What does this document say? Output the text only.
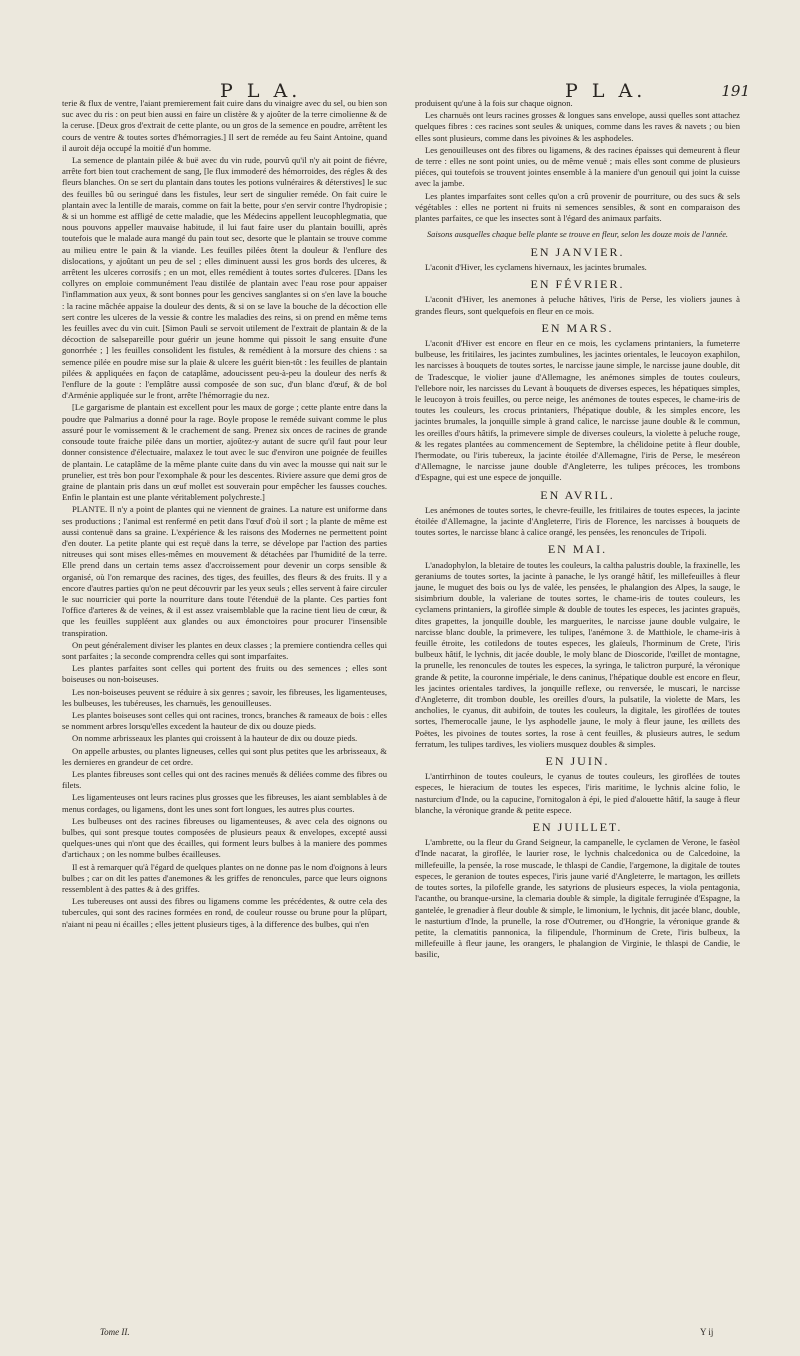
P L A.	P L A.	191

terie & flux de ventre, l'aiant premierement fait cuire dans du vinaigre avec du sel, ou bien son suc avec du ris : on peut bien aussi en faire un clistère & y ajoûter de la terre cimolienne & de la ceruse. [Deux gros d'extrait de cette plante, ou un gros de la semence en poudre, arrêtent les cours de ventre & toutes sortes d'hémorragies.] Il sert de reméde au feu Saint Antoine, quand il auroit déja occupé la moitié d'un homme.

La semence de plantain pilée & buë avec du vin rude, pourvû qu'il n'y ait point de fiévre, arrête fort bien tout crachement de sang, [le flux immoderé des hémorroides, des régles & des fleurs blanches. On se sert du plantain dans toutes les potions vulnéraires & déterstives] le suc des feuilles bû ou seringué dans les fistules, leur sert de singulier reméde. On fait cuire le plantain avec la lentille de marais, comme on fait la bette, pour s'en servir contre l'hydropisie ; & si un homme est affligé de cette maladie, que les Médecins appellent leucophlegmatia, que nous pouvons appeller mauvaise habitude, il lui faut faire user du plantain bouilli, après toutefois que le malade aura mangé du pain tout sec, desorte que le plantain se trouve comme au milieu entre le pain & la viande. Les feuilles pilées ôtent la douleur & l'enflure des dislocations, y ajoûtant un peu de sel ; elles diminuent aussi les gros bords des ulceres, & arrêtent les ulceres corrosifs ; en un mot, elles remédient à toutes sortes d'ulceres. [Dans les collyres on emploie communément l'eau distilée de plantain avec l'eau rose pour appaiser l'inflammation aux yeux, & sont bonnes pour les gencives sanglantes si on s'en lave la bouche : la racine mâchée appaise la douleur des dents, & si on se lave la bouche de la décoction elle sert contre les ulceres de la vessie & contre les maladies des reins, si on prend en même tems les feuilles avec du vin cuit. [Simon Pauli se servoit utilement de l'extrait de plantain & de la décoction de salsepareille pour guérir un jeune homme qui pissoit le sang ensuite d'une gonorrhée ; ] les feuilles consolident les fistules, & remédient à la morsure des chiens : sa semence pilée en poudre mise sur la plaie & ulcere les guérit bien-tôt : les feuilles de plantain pilées & appliquées en façon de cataplâme, adoucissent peu-à-peu la douleur des nerfs & l'enflure de la goute : l'emplâtre aussi composée de son suc, d'un blanc d'œuf, & de bol d'Arménie appliquée sur le front, arrête l'hémorragie du nez.

[Le gargarisme de plantain est excellent pour les maux de gorge ; cette plante entre dans la poudre que Palmarius a donné pour la rage. Boyle propose le reméde suivant comme le plus assuré pour le vomissement & le crachement de sang. Prenez six onces de racines de grande consoude toute fraiche pilée dans un mortier, ajoûtez-y autant de sucre qu'il faut pour leur donner consistence d'électuaire, malaxez le tout avec le suc d'environ une poignée de feuilles de plantain. Le cataplâme de la même plante cuite dans du vin avec la mousse qui nait sur le prunelier, est très bon pour l'exomphale & pour les descentes. Riviere assure que demi gros de graine de plantain pris dans un œuf mollet est souverain pour empêcher les fausses couches. Enfin le plantain est une plante véritablement polychreste.]

PLANTE. Il n'y a point de plantes qui ne viennent de graines. La nature est uniforme dans ses productions ; l'animal est renfermé en petit dans l'œuf d'où il sort ; la plante de même est aussi contenuë dans sa graine. L'expérience & les raisons des Modernes ne permettent point d'en douter. La petite plante qui est reçuë dans la terre, se dévelope par l'action des parties nitreuses qui sont mises elles-mêmes en mouvement & détachées par l'humidité de la terre. Elle prend dans un certain tems assez d'accroissement pour devenir un corps sensible & organisé, où l'on remarque des racines, des tiges, des feuilles, des fleurs & des fruits. Il y a encore d'autres parties qu'on ne peut découvrir par les yeux seuls ; elles servent à faire circuler le suc nourricier qui porte la nourriture dans toute l'étenduë de la plante. Ces parties font l'office d'arteres & de veines, & il est assez vraisemblable que la racine tient lieu de cœur, & que les feuilles suppléent aux glandes ou aux émonctoires pour procurer l'insensible transpiration.

On peut généralement diviser les plantes en deux classes ; la premiere contiendra celles qui sont parfaites ; la seconde comprendra celles qui sont imparfaites.

Les plantes parfaites sont celles qui portent des fruits ou des semences ; elles sont boiseuses ou non-boiseuses.

Les non-boiseuses peuvent se réduire à six genres ; savoir, les fibreuses, les ligamenteuses, les bulbeuses, les tubéreuses, les charnuës, les genouilleuses.

Les plantes boiseuses sont celles qui ont racines, troncs, branches & rameaux de bois : elles se nomment arbres lorsqu'elles excedent la hauteur de dix ou douze pieds.

On nomme arbrisseaux les plantes qui croissent à la hauteur de dix ou douze pieds.

On appelle arbustes, ou plantes ligneuses, celles qui sont plus petites que les arbrisseaux, & les dernieres en grandeur de cet ordre.

Les plantes fibreuses sont celles qui ont des racines menuës & déliées comme des fibres ou filets.

Les ligamenteuses ont leurs racines plus grosses que les fibreuses, les aiant semblables à de menus cordages, ou ligamens, dont les unes sont fort longues, les autres plus courtes.

Les bulbeuses ont des racines fibreuses ou ligamenteuses, & avec cela des oignons ou bulbes, qui sont presque toutes composées de plusieurs peaux & envelopes, excepté aussi quelques-unes qui n'ont que des écailles, qui forment leurs bulbes à la maniere des pommes d'artichaux ; on les nomme bulbes écailleuses.

Il est à remarquer qu'à l'égard de quelques plantes on ne donne pas le nom d'oignons à leurs bulbes ; car on dit les pattes d'anemones & les griffes de renoncules, parce que leurs oignons ressemblent à des pattes & à des griffes.

Les tubereuses ont aussi des fibres ou ligamens comme les précédentes, & outre cela des tubercules, qui sont des racines formées en rond, de couleur rousse ou brune pour la plûpart, n'aiant ni peau ni écailles ; elles jettent plusieurs tiges, à la difference des bulbes, qui n'en

produisent qu'une à la fois sur chaque oignon.

Les charnuës ont leurs racines grosses & longues sans envelope, aussi quelles sont attachez quelques fibres : ces racines sont seules & uniques, comme dans les raves & navets ; ou bien elles sont plusieurs, comme dans les pivoines & les asphodeles.

Les genouilleuses ont des fibres ou ligamens, & des racines épaisses qui demeurent à fleur de terre : elles ne sont point unies, ou de même venuë ; mais elles sont comme de plusieurs piéces, qui toutefois se trouvent jointes ensemble à la maniere d'un genouil qui joint la cuisse avec la jambe.

Les plantes imparfaites sont celles qu'on a crû provenir de pourriture, ou des sucs & sels végétables : elles ne portent ni fruits ni semences sensibles, & sont en comparaison des plantes parfaites, ce que les insectes sont à l'égard des animaux parfaits.

Saisons ausquelles chaque belle plante se trouve en fleur, selon les douze mois de l'année.
EN JANVIER.

L'aconit d'Hiver, les cyclamens hivernaux, les jacintes brumales.

EN FÉVRIER.

L'aconit d'Hiver, les anemones à peluche hâtives, l'iris de Perse, les violiers jaunes à grandes fleurs, sont quelquefois en fleur en ce mois.

EN MARS.

L'aconit d'Hiver est encore en fleur en ce mois, les cyclamens printaniers, la fumeterre bulbeuse, les fritilaires, les jacintes zumbulines, les jacintes orientales, le leucoyon exaphilon, les narcisses à bouquets de toutes sortes, le narcisse jaune simple, le narcisse jaune double, dit de Tradescque, le violier jaune d'Allemagne, les anémones simples de toutes couleurs, l'ellebore noir, les narcisses du Levant à bouquets de diverses especes, les hépatiques simples, le leucoyon à trois feuilles, ou perce neige, les anémones de toutes especes, le chame-iris de toutes les couleurs, les crocus printaniers, l'hépatique double, & les simples encore, les jacintes brumales, la jonquille simple à grand calice, le narcisse jaune double & le commun, les oreilles d'ours hâtifs, la primevere simple de diverses couleurs, la violette à peluche rouge, & les regates plantées au commencement de Septembre, la chélidoine petite à fleur double, l'hermodate, ou l'iris tubereux, la jacinte étoilée d'Allemagne, l'iris de Perse, le meséreon d'Allemagne, le narcisse jaune double d'Angleterre, les tulipes précoces, les trombons d'Espagne, qui est une espece de jonquille.

EN AVRIL.

Les anémones de toutes sortes, le chevre-feuille, les fritilaires de toutes especes, la jacinte étoilée d'Allemagne, la jacinte d'Angleterre, l'iris de Florence, les narcisses à bouquets de toutes sortes, le narcisse blanc à calice orangé, les pensées, les renoncules de Tripoli.

EN MAI.

L'anadophylon, la bletaire de toutes les couleurs, la caltha palustris double, la fraxinelle, les geraniums de toutes sortes, la jacinte à panache, le lys orangé hâtif, les millefeuilles à fleur jaune, le muguet des bois ou lys de valée, les pensées, le phalangion des Alpes, la sauge, le sisimbrium double, la valeriane de toutes sortes, le chame-iris de toutes couleurs, les cyclamens printaniers, la giroflée simple & double de toutes les especes, les jacintes grapuës, dites grapettes, la jonquille double, les marguerites, le narcisse jaune double vulgaire, le narcisse blanc double, la primevere, les tulipes, l'anémone 3. de Matthiole, le chame-iris à feuille étroite, les cotiledons de toutes especes, les glaïeuls, l'horminum de Crete, l'iris bulbeux hâtif, le lychnis, dit jacée double, le moly blanc de Dioscoride, l'œillet de montagne, la prunelle, les renoncules de toutes les especes, la syringa, le talictron purpuré, la véronique grande & petite, la couronne impériale, le dens caninus, l'hépatique double est encore en fleur, les jacintes orientales tardives, la jonquille reflexe, ou renversée, le muscari, le narcisse d'Angleterre, dit trombon double, les oreilles d'ours, la pulsatile, la violette de Mars, les ancholies, le cyanus, dit aubifoin, de toutes les couleurs, la digitale, les giroflées de toutes sortes, l'hemerocalle jaune, le lys asphodelle jaune, le moly à fleur jaune, les œillets des Poëtes, les pivoines de toutes sortes, la rose à cent feuilles, & plusieurs autres, le sedum ferratum, les tulipes tardives, les violiers musquez doubles & simples.

EN JUIN.

L'antirrhinon de toutes couleurs, le cyanus de toutes couleurs, les giroflées de toutes especes, le hieracium de toutes les especes, l'iris maritime, le lychnis alcine folio, le nasturcium d'Inde, ou la capucine, l'ornitogalon à épi, le pied d'alouette hâtif, la sauge à fleur blanche, la véronique grande & petite espece.

EN JUILLET.

L'ambrette, ou la fleur du Grand Seigneur, la campanelle, le cyclamen de Verone, le fasèol d'Inde nacarat, la giroflée, le laurier rose, le lychnis chalcedonica ou de Calcedoine, la millefeuille, la pensée, la rose muscade, le thlaspi de Candie, l'argemone, la digitale de toutes especes, le geranion de toutes especes, l'iris jaune varié d'Angleterre, le martagon, les œillets de toutes sortes, la pilofelle grande, les satyrions de plusieurs especes, la viola pentagonia, l'acanthe, ou branque-ursine, la clemaria double & simple, la digitale ferruginée d'Espagne, la gantelée, le grenadier à fleur double & simple, le limonium, le lychnis, dit jacée blanc, double, le nasturtium d'Inde, la prunelle, la rose d'Outremer, ou d'Hongrie, la véronique grande & petite, la clematitis pannonica, la filipendule, l'horminum de Crete, l'iris bulbeux, la millefeuille à fleur jaune, les orangers, le phalangion de Virginie, le thlaspi de Candie, le basilic,

Tome II.	Y ij
